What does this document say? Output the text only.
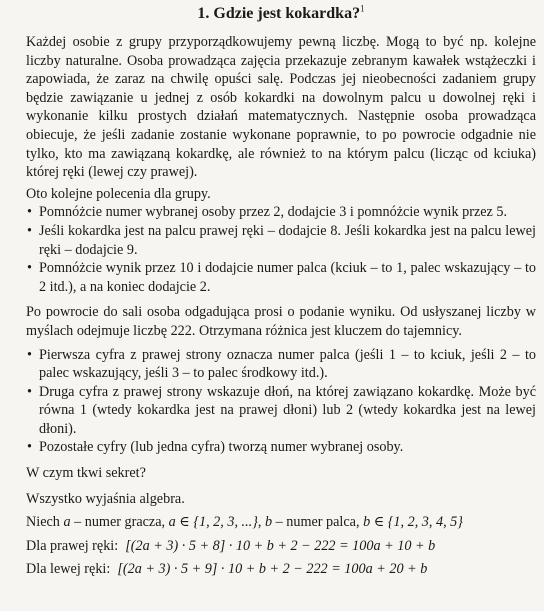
1. Gdzie jest kokardka?$^1$

Każdej osobie z grupy przyporządkowujemy pewną liczbę. Mogą to być np. kolejne liczby naturalne. Osoba prowadząca zajęcia przekazuje zebranym kawałek wstążeczki i zapowiada, że zaraz na chwilę opuści salę. Podczas jej nieobecności zadaniem grupy będzie zawiązanie u jednej z osób kokardki na dowolnym palcu u dowolnej ręki i wykonanie kilku prostych działań matematycznych. Następnie osoba prowadząca obiecuje, że jeśli zadanie zostanie wykonane poprawnie, to po powrocie odgadnie nie tylko, kto ma zawiązaną kokardkę, ale również to na którym palcu (licząc od kciuka) której ręki (lewej czy prawej).

Oto kolejne polecenia dla grupy.

• Pomnóżcie numer wybranej osoby przez 2, dodajcie 3 i pomnóżcie wynik przez 5.
• Jeśli kokardka jest na palcu prawej ręki – dodajcie 8. Jeśli kokardka jest na palcu lewej ręki – dodajcie 9.
• Pomnóżcie wynik przez 10 i dodajcie numer palca (kciuk – to 1, palec wskazujący – to 2 itd.), a na koniec dodajcie 2.

Po powrocie do sali osoba odgadująca prosi o podanie wyniku. Od usłyszanej liczby w myślach odejmuje liczbę 222. Otrzymana różnica jest kluczem do tajemnicy.

• Pierwsza cyfra z prawej strony oznacza numer palca (jeśli 1 – to kciuk, jeśli 2 – to palec wskazujący, jeśli 3 – to palec środkowy itd.).
• Druga cyfra z prawej strony wskazuje dłoń, na której zawiązano kokardkę. Może być równa 1 (wtedy kokardka jest na prawej dłoni) lub 2 (wtedy kokardka jest na lewej dłoni).
• Pozostałe cyfry (lub jedna cyfra) tworzą numer wybranej osoby.

W czym tkwi sekret?

Wszystko wyjaśnia algebra.

Niech a – numer gracza, a ∈ {1, 2, 3, ...}, b – numer palca, b ∈ {1, 2, 3, 4, 5}

Dla prawej ręki: [(2a + 3) · 5 + 8] · 10 + b + 2 − 222 = 100a + 10 + b

Dla lewej ręki: [(2a + 3) · 5 + 9] · 10 + b + 2 − 222 = 100a + 20 + b
